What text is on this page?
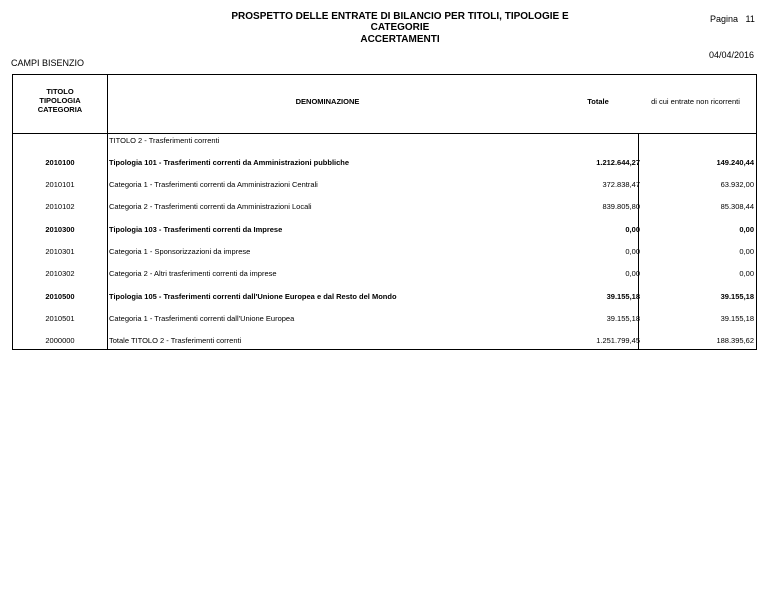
PROSPETTO DELLE ENTRATE DI BILANCIO PER TITOLI, TIPOLOGIE E
CATEGORIE
ACCERTAMENTI
Pagina   11
04/04/2016
CAMPI BISENZIO
TITOLO
TIPOLOGIA
CATEGORIA
DENOMINAZIONE	Totale	di cui entrate non ricorrenti
TITOLO 2 - Trasferimenti correnti
2010100	Tipologia 101 - Trasferimenti correnti da Amministrazioni pubbliche	1.212.644,27	149.240,44
2010101	Categoria 1 - Trasferimenti correnti da Amministrazioni Centrali	372.838,47	63.932,00
2010102	Categoria 2 - Trasferimenti correnti da Amministrazioni Locali	839.805,80	85.308,44
2010300	Tipologia 103 - Trasferimenti correnti da Imprese	0,00	0,00
2010301	Categoria 1 - Sponsorizzazioni da imprese	0,00	0,00
2010302	Categoria 2 - Altri trasferimenti correnti da imprese	0,00	0,00
2010500	Tipologia 105 - Trasferimenti correnti dall'Unione Europea e dal Resto del Mondo	39.155,18	39.155,18
2010501	Categoria 1 - Trasferimenti correnti dall'Unione Europea	39.155,18	39.155,18
2000000	Totale TITOLO 2 - Trasferimenti correnti	1.251.799,45	188.395,62
